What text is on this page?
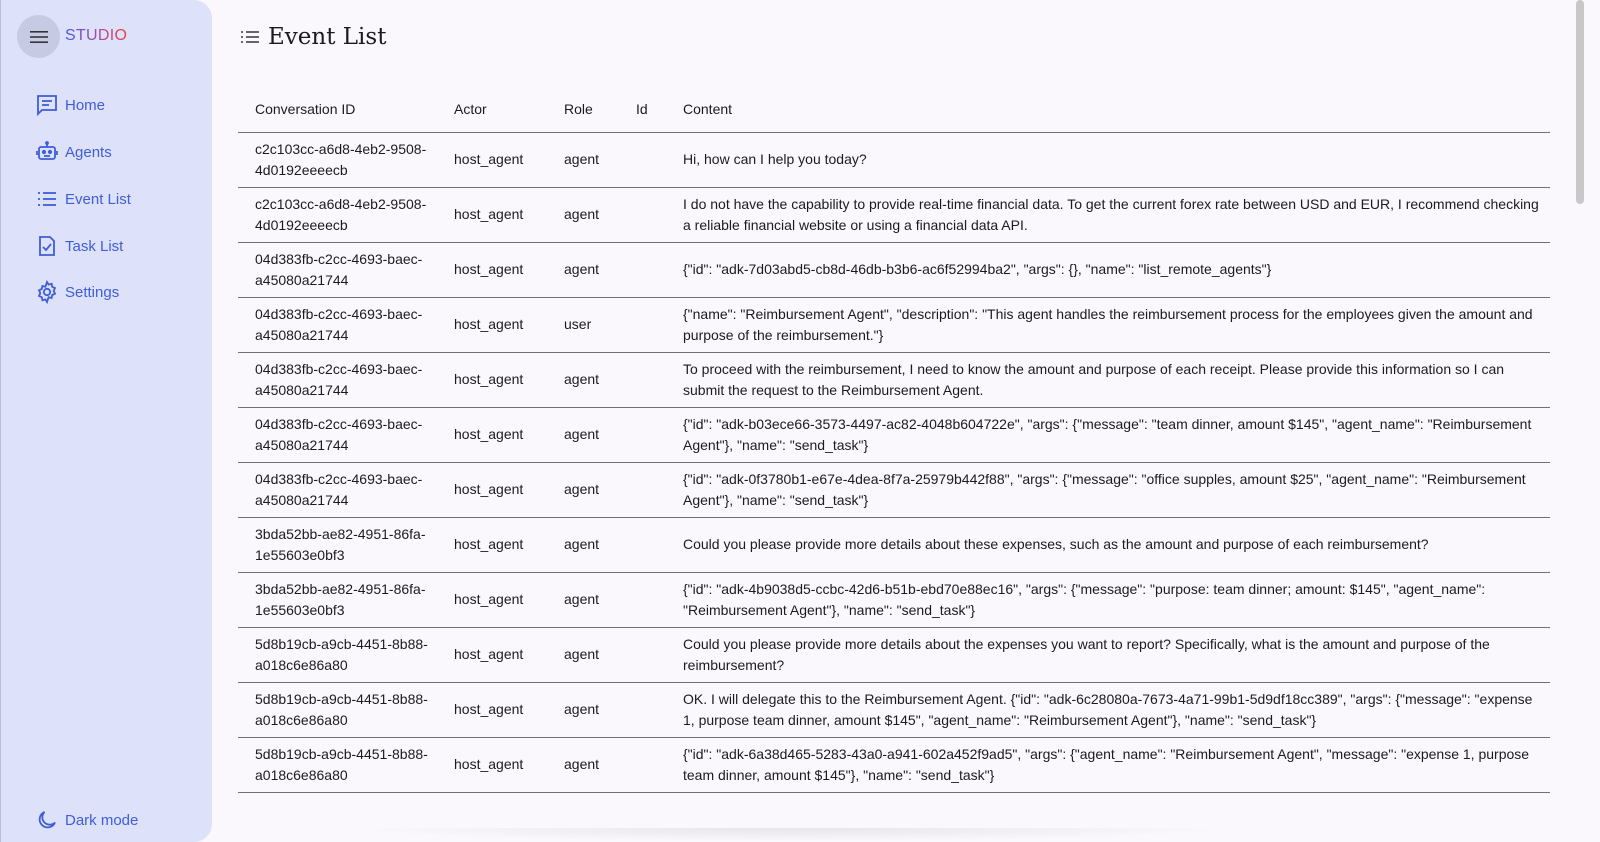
STUDIO
Home
Agents
Event List
Task List
Settings
Dark mode
Event List
Conversation ID	Actor	Role	Id	Content
c2c103cc-a6d8-4eb2-9508-4d0192eeeecb	host_agent	agent		Hi, how can I help you today?
c2c103cc-a6d8-4eb2-9508-4d0192eeeecb	host_agent	agent		I do not have the capability to provide real-time financial data. To get the current forex rate between USD and EUR, I recommend checking a reliable financial website or using a financial data API.
04d383fb-c2cc-4693-baec-a45080a21744	host_agent	agent		{"id": "adk-7d03abd5-cb8d-46db-b3b6-ac6f52994ba2", "args": {}, "name": "list_remote_agents"}
04d383fb-c2cc-4693-baec-a45080a21744	host_agent	user		{"name": "Reimbursement Agent", "description": "This agent handles the reimbursement process for the employees given the amount and purpose of the reimbursement."}
04d383fb-c2cc-4693-baec-a45080a21744	host_agent	agent		To proceed with the reimbursement, I need to know the amount and purpose of each receipt. Please provide this information so I can submit the request to the Reimbursement Agent.
04d383fb-c2cc-4693-baec-a45080a21744	host_agent	agent		{"id": "adk-b03ece66-3573-4497-ac82-4048b604722e", "args": {"message": "team dinner, amount $145", "agent_name": "Reimbursement Agent"}, "name": "send_task"}
04d383fb-c2cc-4693-baec-a45080a21744	host_agent	agent		{"id": "adk-0f3780b1-e67e-4dea-8f7a-25979b442f88", "args": {"message": "office supples, amount $25", "agent_name": "Reimbursement Agent"}, "name": "send_task"}
3bda52bb-ae82-4951-86fa-1e55603e0bf3	host_agent	agent		Could you please provide more details about these expenses, such as the amount and purpose of each reimbursement?
3bda52bb-ae82-4951-86fa-1e55603e0bf3	host_agent	agent		{"id": "adk-4b9038d5-ccbc-42d6-b51b-ebd70e88ec16", "args": {"message": "purpose: team dinner; amount: $145", "agent_name": "Reimbursement Agent"}, "name": "send_task"}
5d8b19cb-a9cb-4451-8b88-a018c6e86a80	host_agent	agent		Could you please provide more details about the expenses you want to report? Specifically, what is the amount and purpose of the reimbursement?
5d8b19cb-a9cb-4451-8b88-a018c6e86a80	host_agent	agent		OK. I will delegate this to the Reimbursement Agent. {"id": "adk-6c28080a-7673-4a71-99b1-5d9df18cc389", "args": {"message": "expense 1, purpose team dinner, amount $145", "agent_name": "Reimbursement Agent"}, "name": "send_task"}
5d8b19cb-a9cb-4451-8b88-a018c6e86a80	host_agent	agent		{"id": "adk-6a38d465-5283-43a0-a941-602a452f9ad5", "args": {"agent_name": "Reimbursement Agent", "message": "expense 1, purpose team dinner, amount $145"}, "name": "send_task"}
